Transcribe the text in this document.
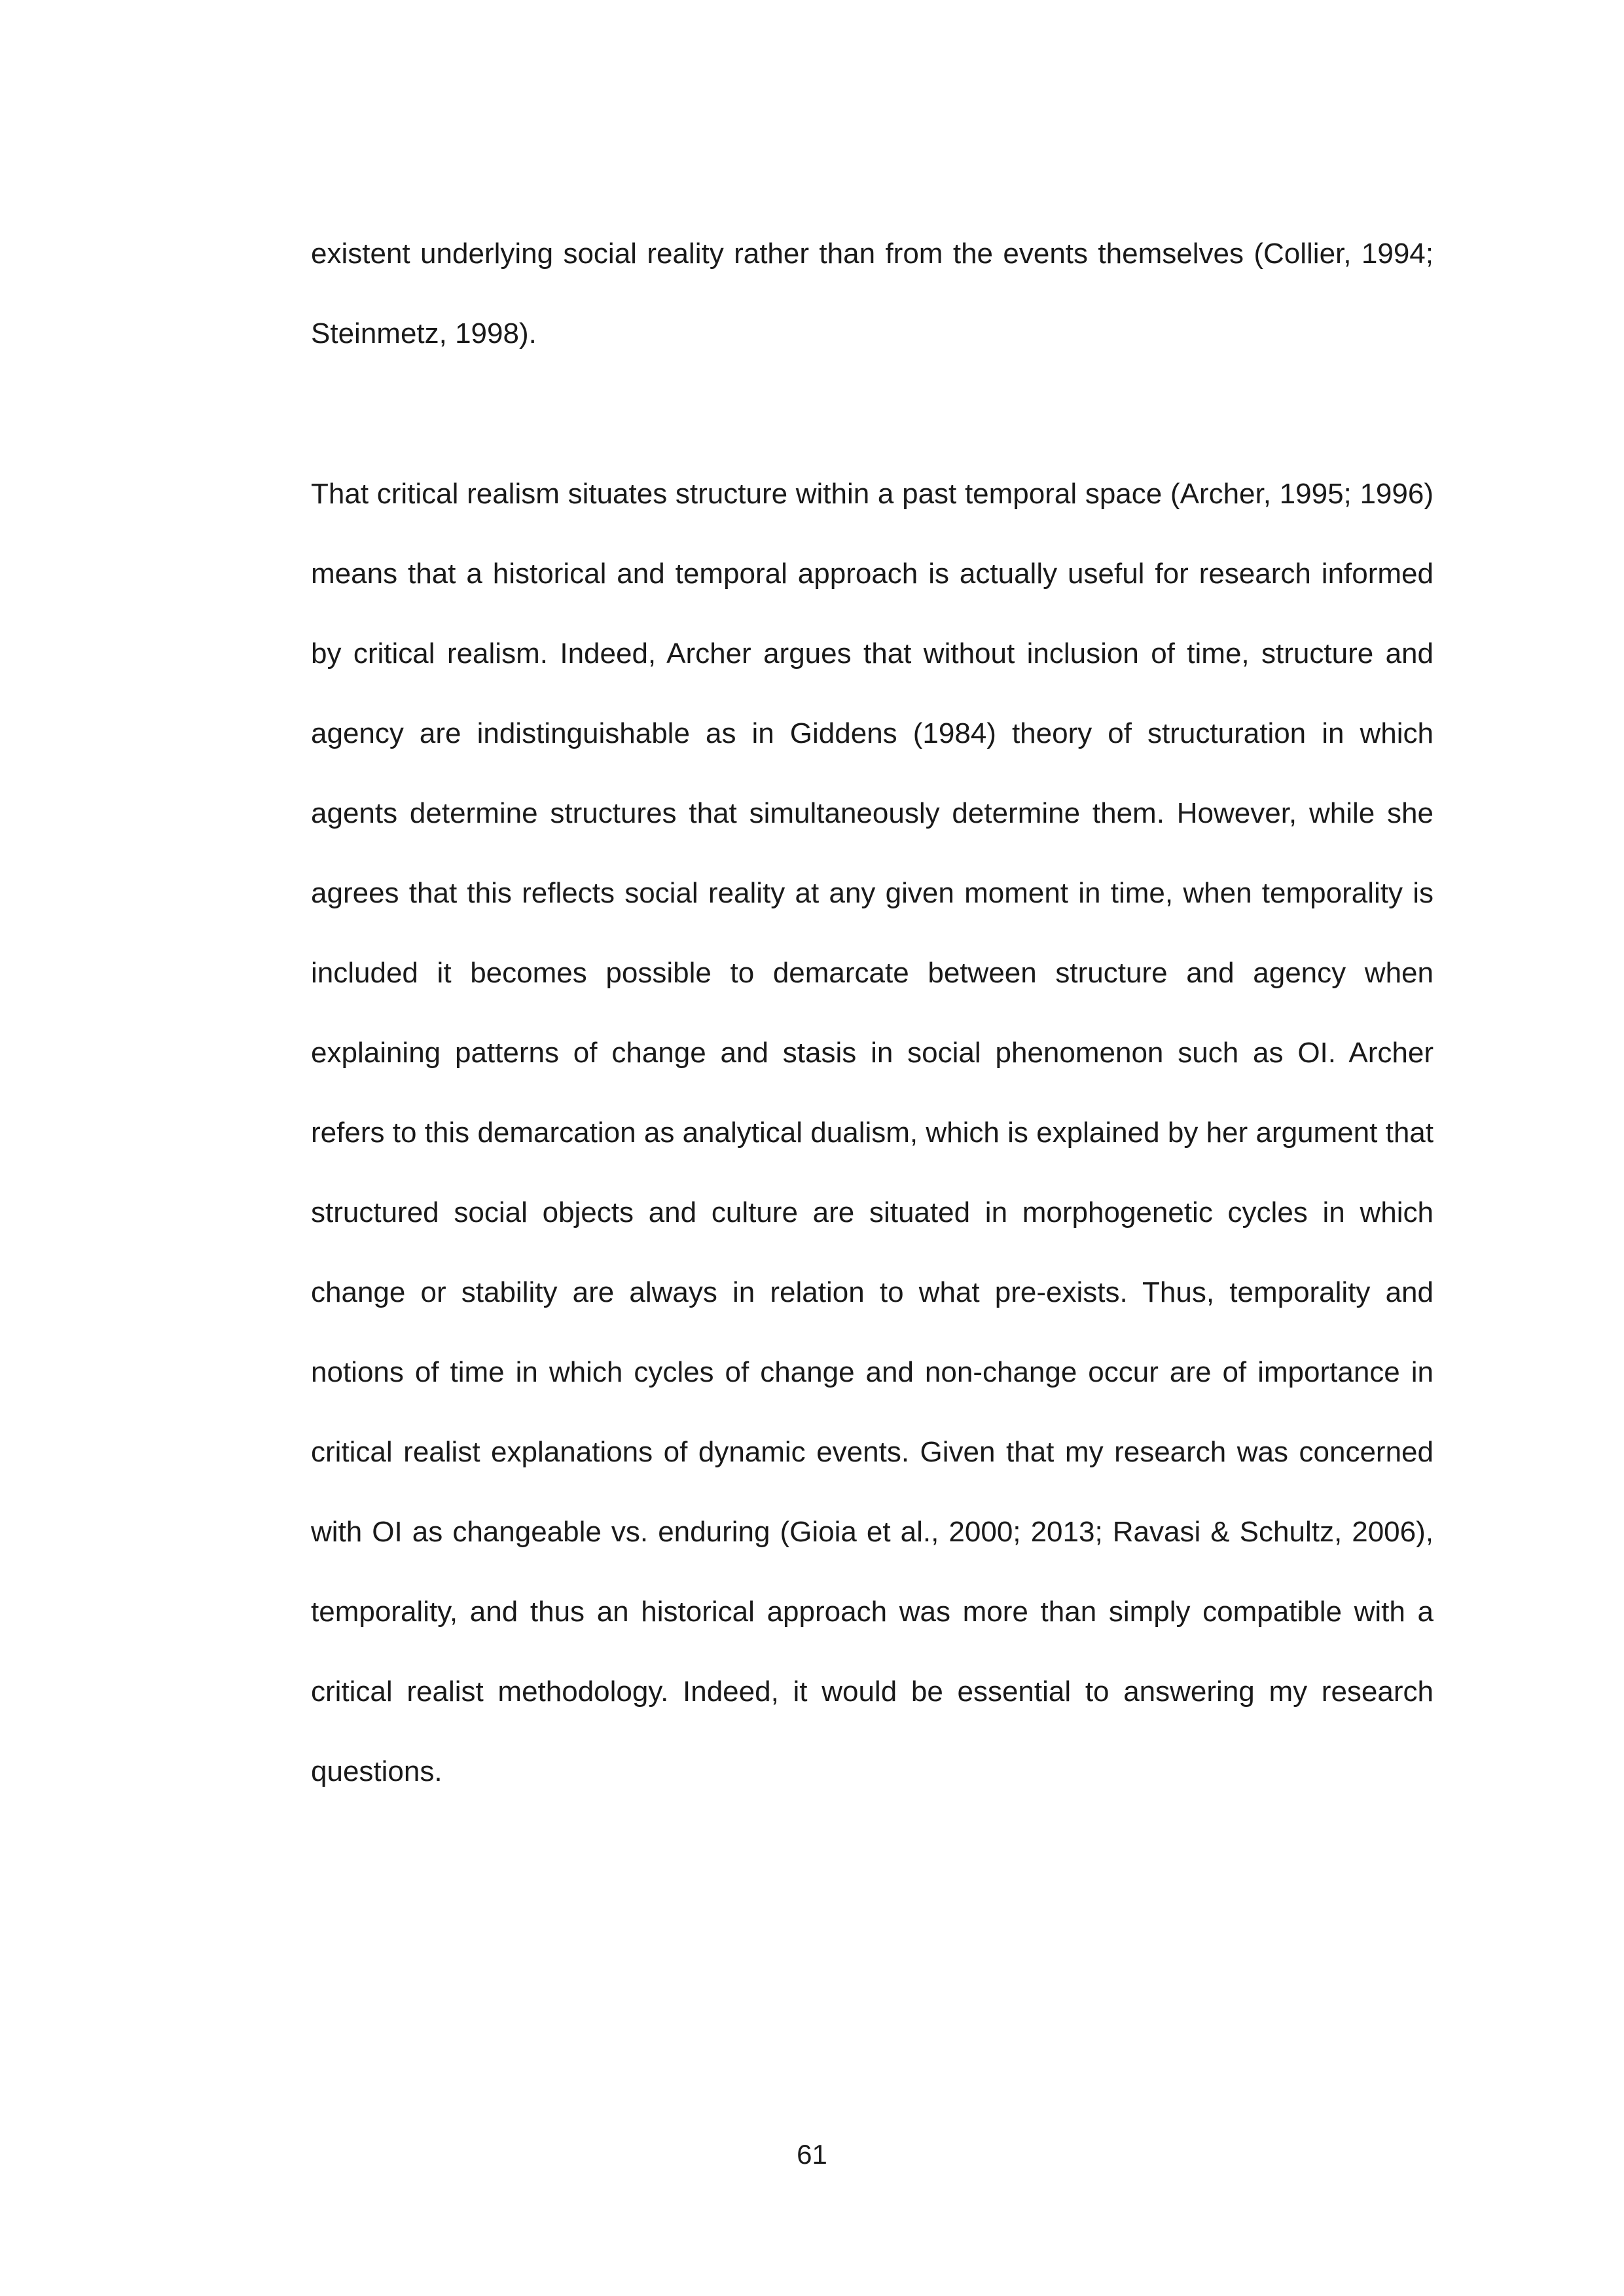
existent underlying social reality rather than from the events themselves (Collier, 1994; Steinmetz, 1998).

That critical realism situates structure within a past temporal space (Archer, 1995; 1996) means that a historical and temporal approach is actually useful for research informed by critical realism. Indeed, Archer argues that without inclusion of time, structure and agency are indistinguishable as in Giddens (1984) theory of structuration in which agents determine structures that simultaneously determine them. However, while she agrees that this reflects social reality at any given moment in time, when temporality is included it becomes possible to demarcate between structure and agency when explaining patterns of change and stasis in social phenomenon such as OI. Archer refers to this demarcation as analytical dualism, which is explained by her argument that structured social objects and culture are situated in morphogenetic cycles in which change or stability are always in relation to what pre-exists. Thus, temporality and notions of time in which cycles of change and non-change occur are of importance in critical realist explanations of dynamic events. Given that my research was concerned with OI as changeable vs. enduring (Gioia et al., 2000; 2013; Ravasi & Schultz, 2006), temporality, and thus an historical approach was more than simply compatible with a critical realist methodology. Indeed, it would be essential to answering my research questions.

61
